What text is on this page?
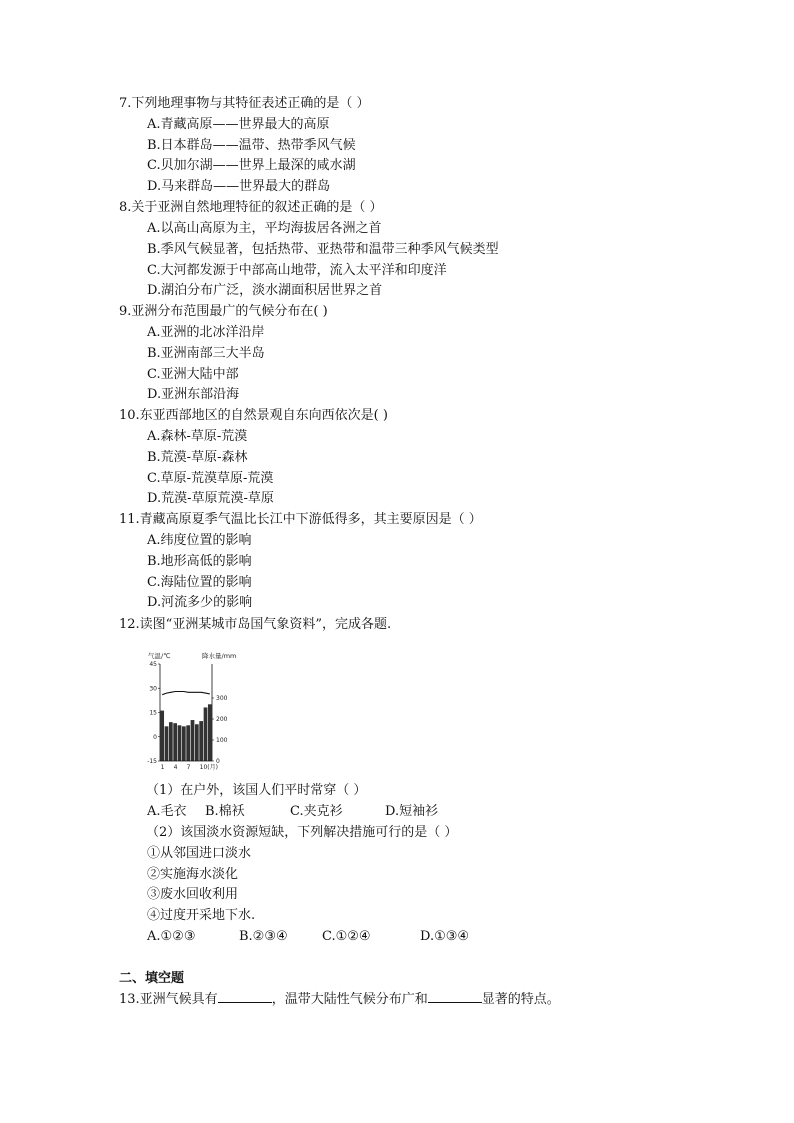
7.下列地理事物与其特征表述正确的是（ ）
A.青藏高原——世界最大的高原
B.日本群岛——温带、热带季风气候
C.贝加尔湖——世界上最深的咸水湖
D.马来群岛——世界最大的群岛
8.关于亚洲自然地理特征的叙述正确的是（ ）
A.以高山高原为主，平均海拔居各洲之首
B.季风气候显著，包括热带、亚热带和温带三种季风气候类型
C.大河都发源于中部高山地带，流入太平洋和印度洋
D.湖泊分布广泛，淡水湖面积居世界之首
9.亚洲分布范围最广的气候分布在( )
A.亚洲的北冰洋沿岸
B.亚洲南部三大半岛
C.亚洲大陆中部
D.亚洲东部沿海
10.东亚西部地区的自然景观自东向西依次是( )
A.森林-草原-荒漠
B.荒漠-草原-森林
C.草原-荒漠草原-荒漠
D.荒漠-草原荒漠-草原
11.青藏高原夏季气温比长江中下游低得多，其主要原因是（ ）
A.纬度位置的影响
B.地形高低的影响
C.海陆位置的影响
D.河流多少的影响
12.读图“亚洲某城市岛国气象资料”，完成各题.
气温/℃	降水量/mm
45
30
15
0
-15
300
200
100
0
1 4 7 10(月)
（1）在户外，该国人们平时常穿（ ）
A.毛衣 B.棉袄	C.夹克衫	D.短袖衫
（2）该国淡水资源短缺，下列解决措施可行的是（ ）
①从邻国进口淡水
②实施海水淡化
③废水回收利用
④过度开采地下水.
A.①②③	B.②③④	C.①②④	D.①③④
二、填空题
13.亚洲气候具有	，温带大陆性气候分布广和	显著的特点。
